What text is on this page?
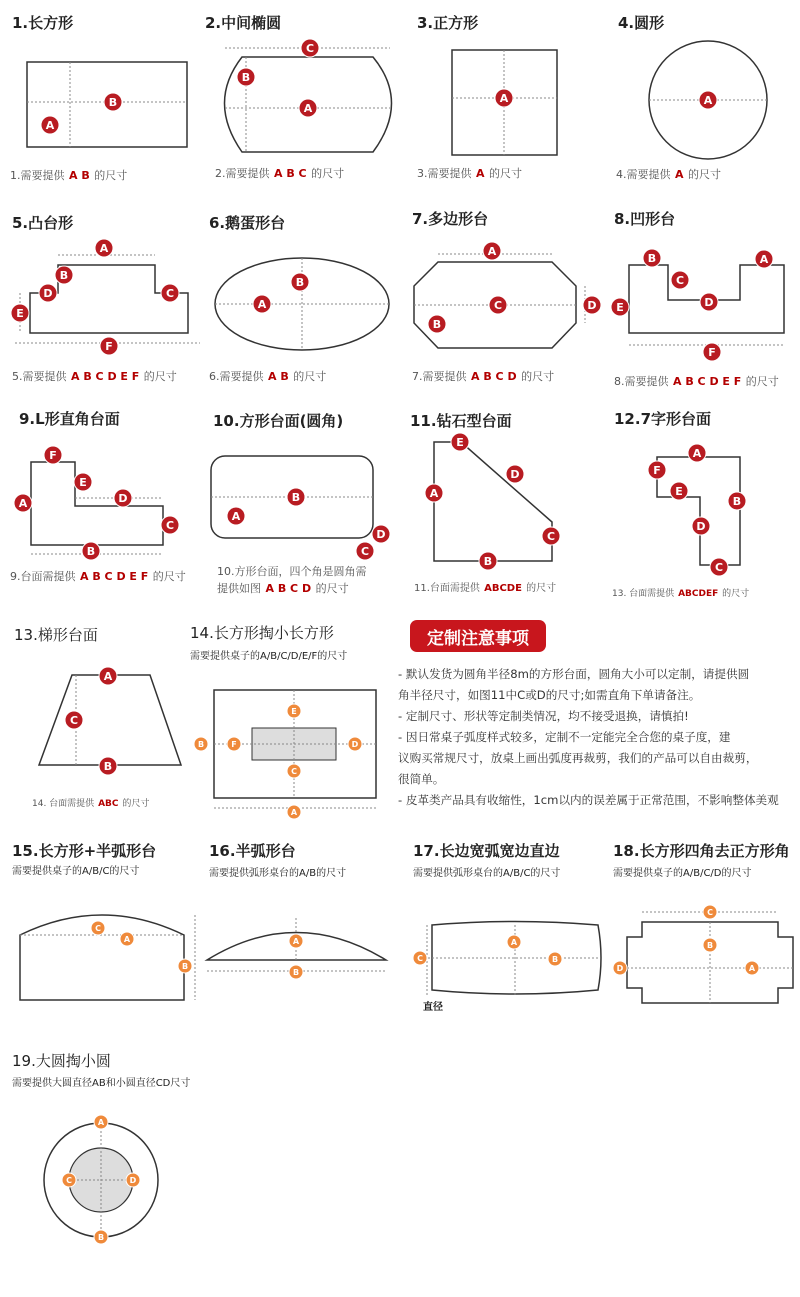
1.长方形
A
B	A
B
C
A	A
A
B
C
D
E
F
A
B
A
B
C	D
A
B
C
D
E
F
A
B
C
D
E
F
A
B
C
D
A
B
C
D
E
A
B
C
D
E
F
A
C
B
A
B
C
D
E
F
A
B
C
A
B
A
B
C
A
B
C
D
A
B
C	D
2.中间椭圆	3.正方形	4.圆形
5.凸台形	6.鹅蛋形台	7.多边形台	8.凹形台
9.L形直角台面	10.方形台面(圆角)	11.钻石型台面	12.7字形台面
13.梯形台面	14.长方形掏小长方形
需要提供桌子的A/B/C/D/E/F的尺寸
15.长方形+半弧形台
需要提供桌子的A/B/C的尺寸
16.半弧形台
需要提供弧形桌台的A/B的尺寸
17.长边宽弧宽边直边
需要提供弧形桌台的A/B/C的尺寸
直径
18.长方形四角去正方形角
需要提供桌子的A/B/C/D的尺寸
19.大圆掏小圆
需要提供大圆直径AB和小圆直径CD尺寸
1.需要提供 A B 的尺寸	2.需要提供 A B C 的尺寸	3.需要提供 A 的尺寸	4.需要提供 A 的尺寸
5.需要提供 A B C D E F 的尺寸	6.需要提供 A B 的尺寸	7.需要提供 A B C D 的尺寸	8.需要提供 A B C D E F 的尺寸
9.台面需提供 A B C D E F 的尺寸	10.方形台面，四个角是圆角需
提供如图 A B C D 的尺寸	11.台面需提供 ABCDE 的尺寸	13. 台面需提供 ABCDEF 的尺寸
14. 台面需提供 ABC 的尺寸
定制注意事项

- 默认发货为圆角半径8m的方形台面，圆角大小可以定制，请提供圆

角半径尺寸，如图11中C或D的尺寸;如需直角下单请备注。

- 定制尺寸、形状等定制类情况，均不接受退换，请慎拍!

- 因日常桌子弧度样式较多，定制不一定能完全合您的桌子度，建

议购买常规尺寸，放桌上画出弧度再裁剪，我们的产品可以自由裁剪，

很简单。

- 皮革类产品具有收缩性，1cm以内的误差属于正常范围，不影响整体美观
